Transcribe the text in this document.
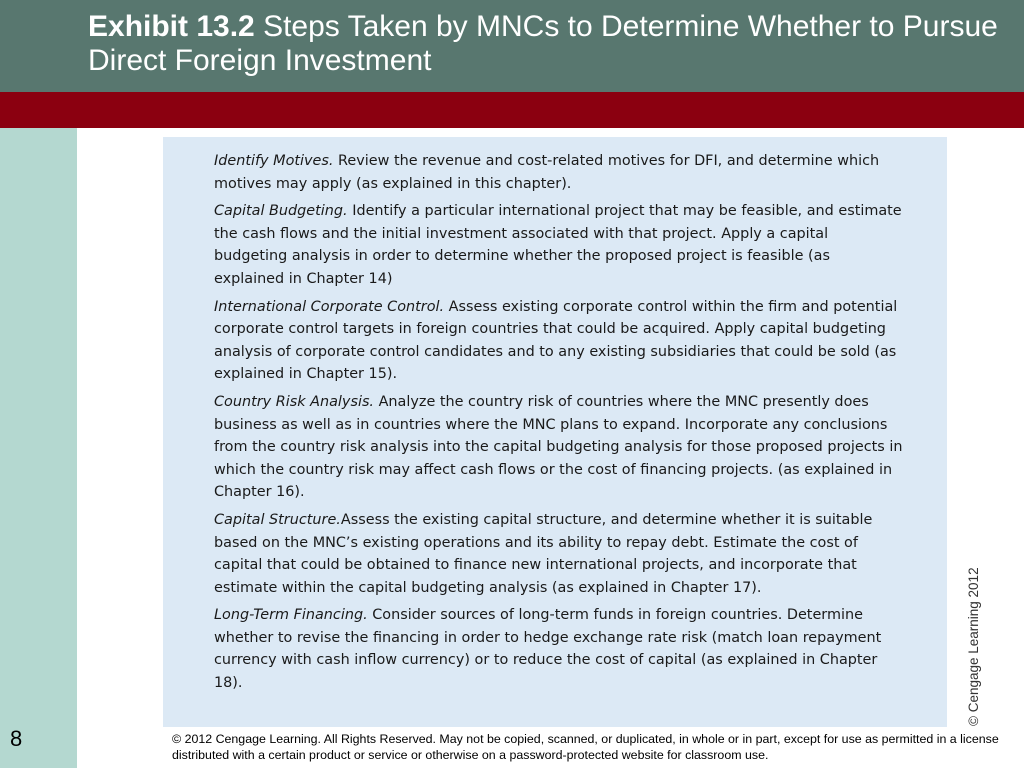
Exhibit 13.2 Steps Taken by MNCs to Determine Whether to Pursue Direct Foreign Investment
8

Identify Motives. Review the revenue and cost-related motives for DFI, and determine which motives may apply (as explained in this chapter).

Capital Budgeting. Identify a particular international project that may be feasible, and estimate the cash flows and the initial investment associated with that project. Apply a capital budgeting analysis in order to determine whether the proposed project is feasible (as explained in Chapter 14)

International Corporate Control. Assess existing corporate control within the firm and potential corporate control targets in foreign countries that could be acquired. Apply capital budgeting analysis of corporate control candidates and to any existing subsidiaries that could be sold (as explained in Chapter 15).

Country Risk Analysis. Analyze the country risk of countries where the MNC presently does business as well as in countries where the MNC plans to expand. Incorporate any conclusions from the country risk analysis into the capital budgeting analysis for those proposed projects in which the country risk may affect cash flows or the cost of financing projects. (as explained in Chapter 16).

Capital Structure.Assess the existing capital structure, and determine whether it is suitable based on the MNC’s existing operations and its ability to repay debt. Estimate the cost of capital that could be obtained to finance new international projects, and incorporate that estimate within the capital budgeting analysis (as explained in Chapter 17).

Long-Term Financing. Consider sources of long-term funds in foreign countries. Determine whether to revise the financing in order to hedge exchange rate risk (match loan repayment currency with cash inflow currency) or to reduce the cost of capital (as explained in Chapter 18).	© Cengage Learning 2012
© 2012 Cengage Learning. All Rights Reserved. May not be copied, scanned, or duplicated, in whole or in part, except for use as permitted in a license distributed with a certain product or service or otherwise on a password-protected website for classroom use.
